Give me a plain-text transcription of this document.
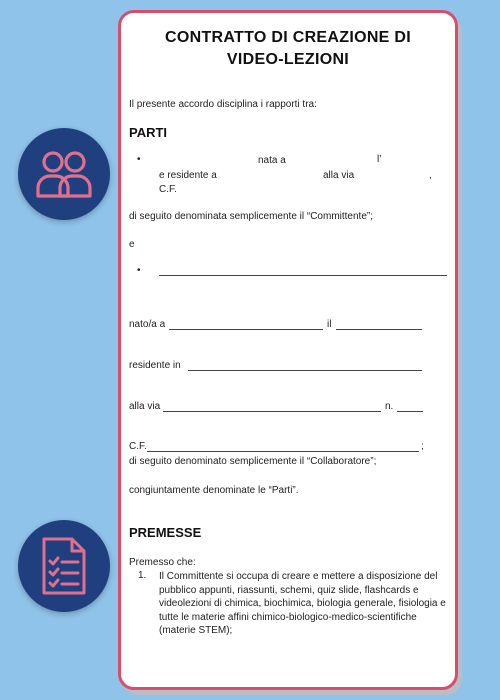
CONTRATTO DI CREAZIONE DI
VIDEO-LEZIONI
Il presente accordo disciplina i rapporti tra:
PARTI
•	nata a	l’
e residente a	alla via	,
C.F.
di seguito denominata semplicemente il “Committente”;
e
•
nato/a a	il
residente in
alla via	n.
C.F.	;
di seguito denominato semplicemente il “Collaboratore”;
congiuntamente denominate le “Parti”.
PREMESSE
Premesso che:
1. Il Committente si occupa di creare e mettere a disposizione del pubblico appunti, riassunti, schemi, quiz slide, flashcards e videolezioni di chimica, biochimica, biologia generale, fisiologia e tutte le materie affini chimico-biologico-medico-scientifiche (materie STEM);
